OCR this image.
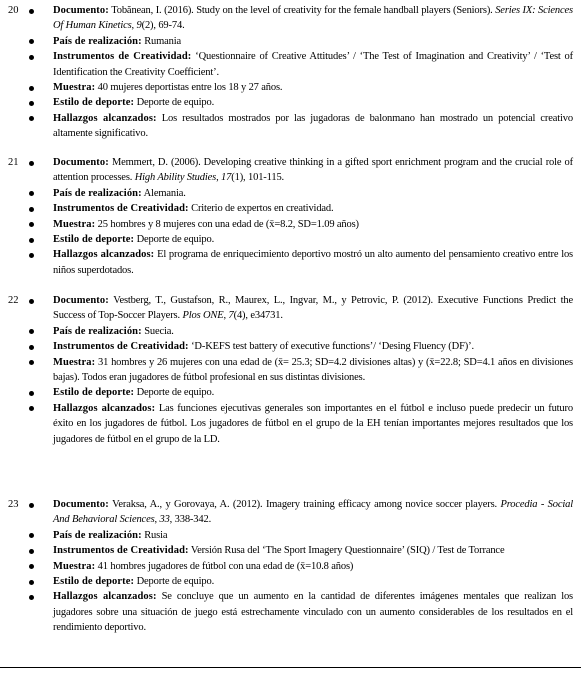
20	Documento: Tobănean, I. (2016). Study on the level of creativity for the female handball players (Seniors). Series IX: Sciences Of Human Kinetics, 9(2), 69-74.
País de realización: Rumania
Instrumentos de Creatividad: ‘Questionnaire of Creative Attitudes’ / ‘The Test of Imagination and Creativity’ / ‘Test of Identification the Creativity Coefficient’.
Muestra: 40 mujeres deportistas entre los 18 y 27 años.
Estilo de deporte: Deporte de equipo.
Hallazgos alcanzados: Los resultados mostrados por las jugadoras de balonmano han mostrado un potencial creativo altamente significativo.
21	Documento: Memmert, D. (2006). Developing creative thinking in a gifted sport enrichment program and the crucial role of attention processes. High Ability Studies, 17(1), 101-115.
País de realización: Alemania.
Instrumentos de Creatividad: Criterio de expertos en creatividad.
Muestra: 25 hombres y 8 mujeres con una edad de (x̄=8.2, SD=1.09 años)
Estilo de deporte: Deporte de equipo.
Hallazgos alcanzados: El programa de enriquecimiento deportivo mostró un alto aumento del pensamiento creativo entre los niños superdotados.
22	Documento: Vestberg, T., Gustafson, R., Maurex, L., Ingvar, M., y Petrovic, P. (2012). Executive Functions Predict the Success of Top-Soccer Players. Plos ONE, 7(4), e34731.
País de realización: Suecia.
Instrumentos de Creatividad: ‘D-KEFS test battery of executive functions’/ ‘Desing Fluency (DF)’.
Muestra: 31 hombres y 26 mujeres con una edad de (x̄= 25.3; SD=4.2 divisiones altas) y (x̄=22.8; SD=4.1 años en divisiones bajas). Todos eran jugadores de fútbol profesional en sus distintas divisiones.
Estilo de deporte: Deporte de equipo.
Hallazgos alcanzados: Las funciones ejecutivas generales son importantes en el fútbol e incluso puede predecir un futuro éxito en los jugadores de fútbol. Los jugadores de fútbol en el grupo de la EH tenían importantes mejores resultados que los jugadores de fútbol en el grupo de la LD.
23	Documento: Veraksa, A., y Gorovaya, A. (2012). Imagery training efficacy among novice soccer players. Procedia - Social And Behavioral Sciences, 33, 338-342.
País de realización: Rusia
Instrumentos de Creatividad: Versión Rusa del ‘The Sport Imagery Questionnaire’ (SIQ) / Test de Torrance
Muestra: 41 hombres jugadores de fútbol con una edad de (x̄=10.8 años)
Estilo de deporte: Deporte de equipo.
Hallazgos alcanzados: Se concluye que un aumento en la cantidad de diferentes imágenes mentales que realizan los jugadores sobre una situación de juego está estrechamente vinculado con un aumento considerables de los resultados en el rendimiento deportivo.
